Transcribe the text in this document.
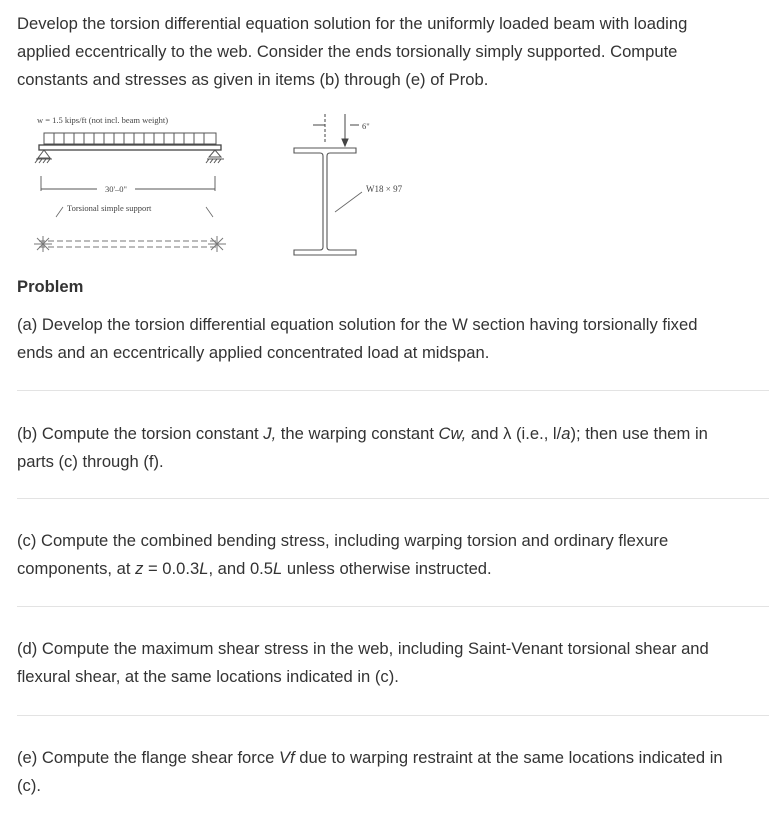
Develop the torsion differential equation solution for the uniformly loaded beam with loading
applied eccentrically to the web. Consider the ends torsionally simply supported. Compute
constants and stresses as given in items (b) through (e) of Prob.

w = 1.5 kips/ft (not incl. beam weight)
30'–0"
Torsional simple support
6"
W18 × 97

Problem

(a) Develop the torsion differential equation solution for the W section having torsionally fixed
ends and an eccentrically applied concentrated load at midspan.

(b) Compute the torsion constant J, the warping constant Cw, and λ (i.e., l/a); then use them in
parts (c) through (f).

(c) Compute the combined bending stress, including warping torsion and ordinary flexure
components, at z = 0.0.3L, and 0.5L unless otherwise instructed.

(d) Compute the maximum shear stress in the web, including Saint-Venant torsional shear and
flexural shear, at the same locations indicated in (c).

(e) Compute the flange shear force Vf due to warping restraint at the same locations indicated in
(c).
